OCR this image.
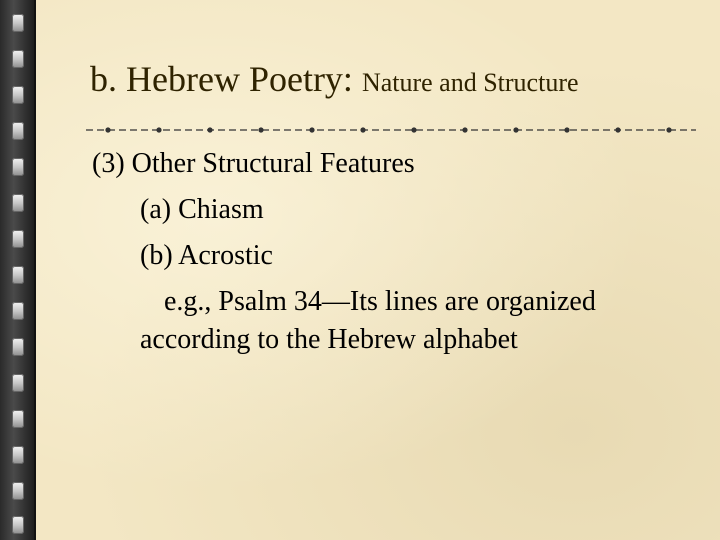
b. Hebrew Poetry: Nature and Structure
(3) Other Structural Features
(a) Chiasm
(b) Acrostic
e.g., Psalm 34—Its lines are organized
according to the Hebrew alphabet
